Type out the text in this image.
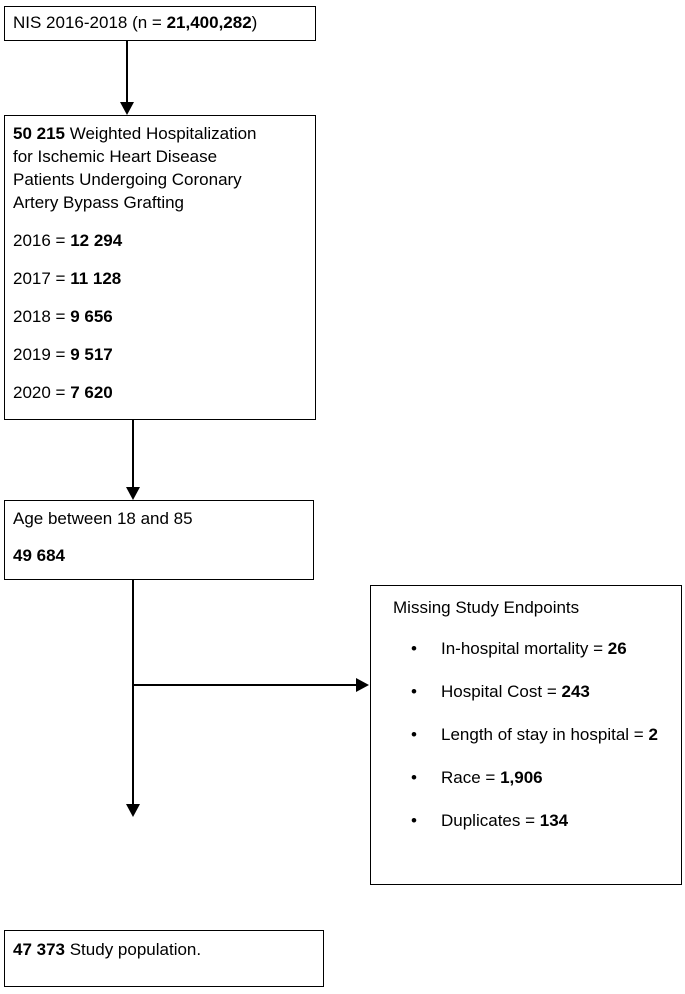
NIS 2016-2018 (n = 21,400,282)
50 215 Weighted Hospitalization for Ischemic Heart Disease Patients Undergoing Coronary Artery Bypass Grafting
2016 = 12 294
2017 = 11 128
2018 = 9 656
2019 = 9 517
2020 = 7 620
Age between 18 and 85
49 684
Missing Study Endpoints
•	In-hospital mortality = 26
•	Hospital Cost = 243
•	Length of stay in hospital = 2
•	Race = 1,906
•	Duplicates = 134
47 373 Study population.
